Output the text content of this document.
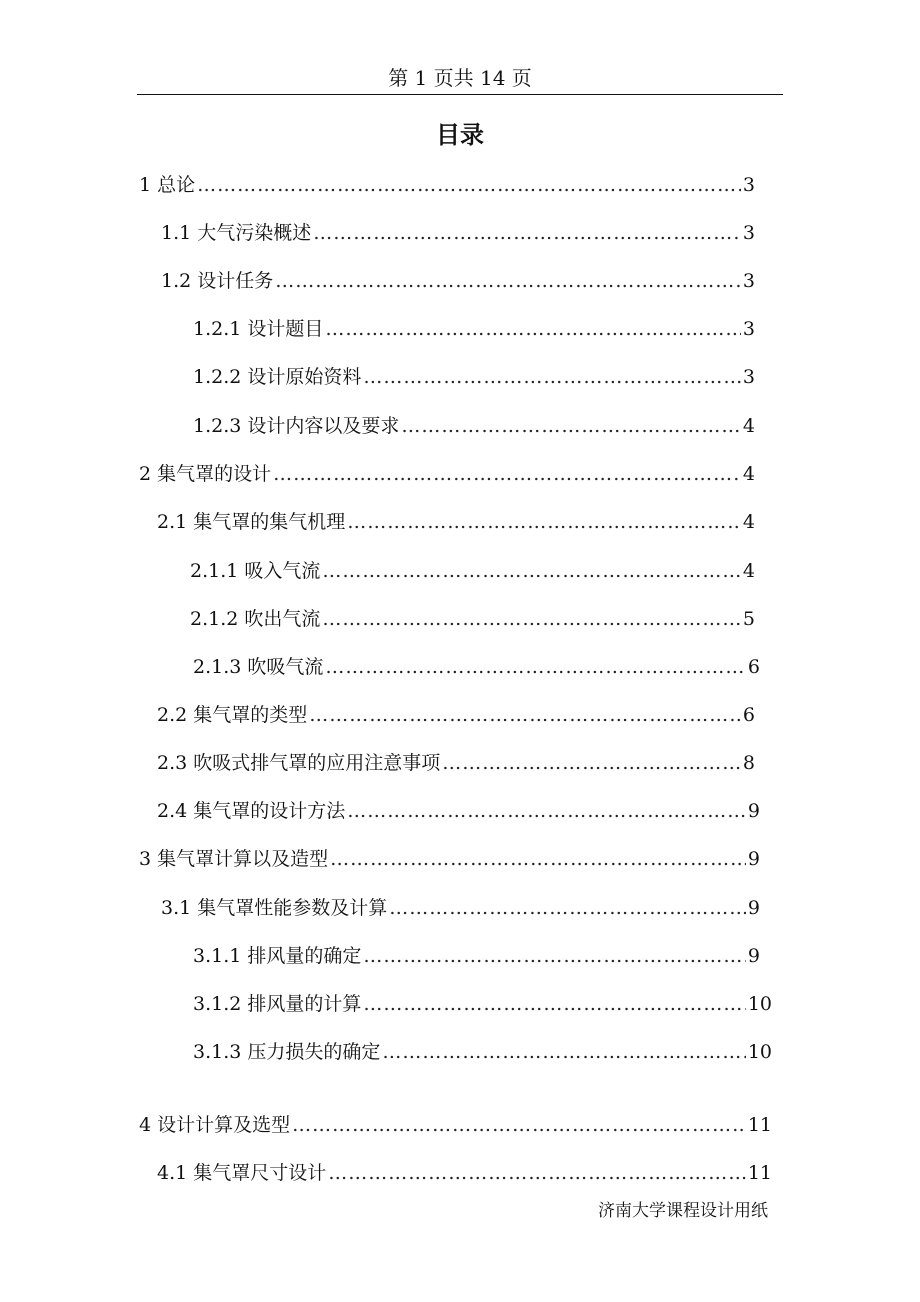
第 1 页共 14 页
目录
1 总论 …………………………………………………………………………………………………………………………………………………………………………	3
1.1 大气污染概述 …………………………………………………………………………………………………………………………………………………………………………	3
1.2 设计任务 …………………………………………………………………………………………………………………………………………………………………………	3
1.2.1 设计题目 …………………………………………………………………………………………………………………………………………………………………………	3
1.2.2 设计原始资料 …………………………………………………………………………………………………………………………………………………………………………	3
1.2.3 设计内容以及要求 …………………………………………………………………………………………………………………………………………………………………………	4
2 集气罩的设计 …………………………………………………………………………………………………………………………………………………………………………	4
2.1 集气罩的集气机理 …………………………………………………………………………………………………………………………………………………………………………	4
2.1.1 吸入气流 …………………………………………………………………………………………………………………………………………………………………………	4
2.1.2 吹出气流 …………………………………………………………………………………………………………………………………………………………………………	5
2.1.3 吹吸气流 …………………………………………………………………………………………………………………………………………………………………………	6
2.2 集气罩的类型 …………………………………………………………………………………………………………………………………………………………………………	6
2.3 吹吸式排气罩的应用注意事项 …………………………………………………………………………………………………………………………………………………………………………	8
2.4 集气罩的设计方法 …………………………………………………………………………………………………………………………………………………………………………	9
3 集气罩计算以及造型 …………………………………………………………………………………………………………………………………………………………………………	9
3.1 集气罩性能参数及计算 …………………………………………………………………………………………………………………………………………………………………………	9
3.1.1 排风量的确定 …………………………………………………………………………………………………………………………………………………………………………	9
3.1.2 排风量的计算 …………………………………………………………………………………………………………………………………………………………………………	10
3.1.3 压力损失的确定 …………………………………………………………………………………………………………………………………………………………………………	10
4 设计计算及选型 …………………………………………………………………………………………………………………………………………………………………………	11
4.1 集气罩尺寸设计 …………………………………………………………………………………………………………………………………………………………………………	11
济南大学课程设计用纸
